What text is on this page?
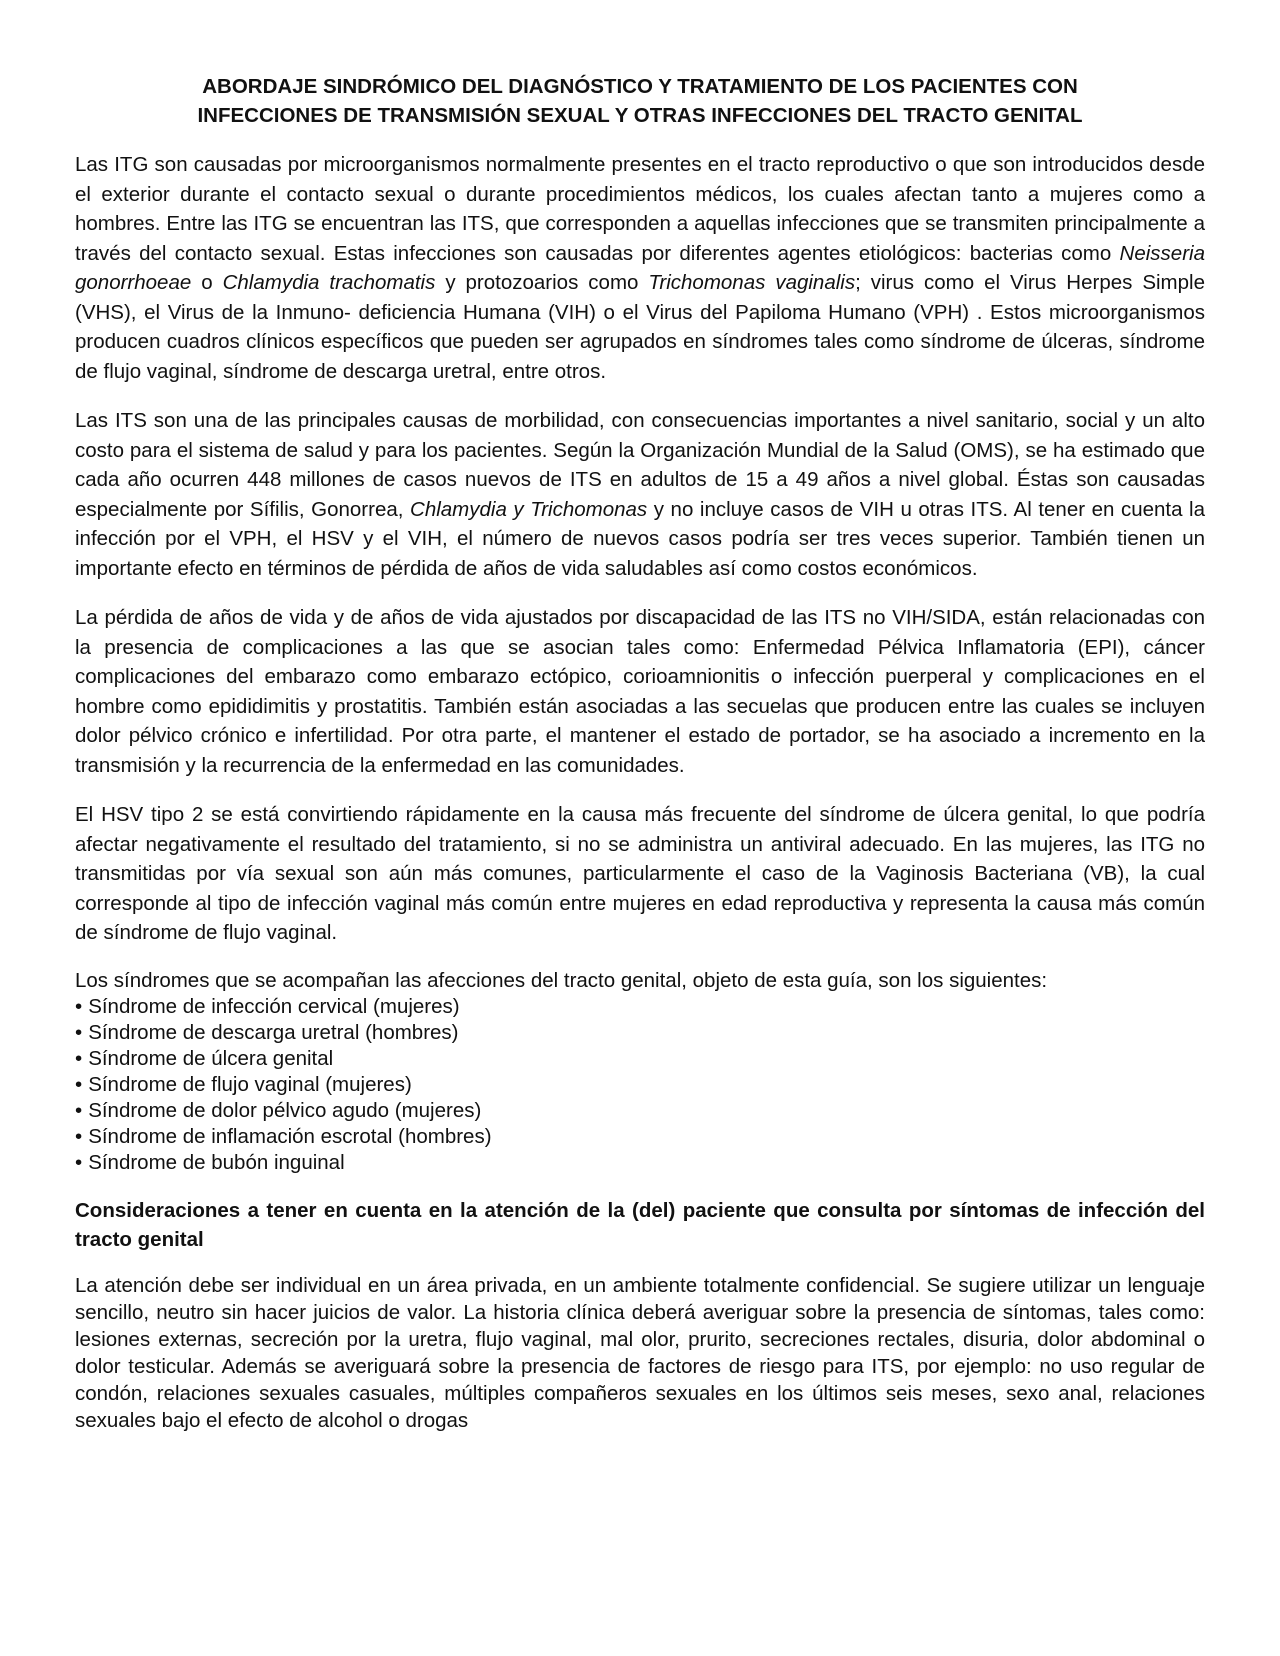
ABORDAJE SINDRÓMICO DEL DIAGNÓSTICO Y TRATAMIENTO DE LOS PACIENTES CON
INFECCIONES DE TRANSMISIÓN SEXUAL Y OTRAS INFECCIONES DEL TRACTO GENITAL

Las ITG son causadas por microorganismos normalmente presentes en el tracto reproductivo o que son introducidos desde el exterior durante el contacto sexual o durante procedimientos médicos, los cuales afectan tanto a mujeres como a hombres. Entre las ITG se encuentran las ITS, que corresponden a aquellas infecciones que se transmiten principalmente a través del contacto sexual. Estas infecciones son causadas por diferentes agentes etiológicos: bacterias como Neisseria gonorrhoeae o Chlamydia trachomatis y protozoarios como Trichomonas vaginalis; virus como el Virus Herpes Simple (VHS), el Virus de la Inmuno- deficiencia Humana (VIH) o el Virus del Papiloma Humano (VPH) . Estos microorganismos producen cuadros clínicos específicos que pueden ser agrupados en síndromes tales como síndrome de úlceras, síndrome de flujo vaginal, síndrome de descarga uretral, entre otros.

Las ITS son una de las principales causas de morbilidad, con consecuencias importantes a nivel sanitario, social y un alto costo para el sistema de salud y para los pacientes. Según la Organización Mundial de la Salud (OMS), se ha estimado que cada año ocurren 448 millones de casos nuevos de ITS en adultos de 15 a 49 años a nivel global. Éstas son causadas especialmente por Sífilis, Gonorrea, Chlamydia y Trichomonas y no incluye casos de VIH u otras ITS. Al tener en cuenta la infección por el VPH, el HSV y el VIH, el número de nuevos casos podría ser tres veces superior. También tienen un importante efecto en términos de pérdida de años de vida saludables así como costos económicos.

La pérdida de años de vida y de años de vida ajustados por discapacidad de las ITS no VIH/SIDA, están relacionadas con la presencia de complicaciones a las que se asocian tales como: Enfermedad Pélvica Inflamatoria (EPI), cáncer complicaciones del embarazo como embarazo ectópico, corioamnionitis o infección puerperal y complicaciones en el hombre como epididimitis y prostatitis. También están asociadas a las secuelas que producen entre las cuales se incluyen dolor pélvico crónico e infertilidad. Por otra parte, el mantener el estado de portador, se ha asociado a incremento en la transmisión y la recurrencia de la enfermedad en las comunidades.

El HSV tipo 2 se está convirtiendo rápidamente en la causa más frecuente del síndrome de úlcera genital, lo que podría afectar negativamente el resultado del tratamiento, si no se administra un antiviral adecuado. En las mujeres, las ITG no transmitidas por vía sexual son aún más comunes, particularmente el caso de la Vaginosis Bacteriana (VB), la cual corresponde al tipo de infección vaginal más común entre mujeres en edad reproductiva y representa la causa más común de síndrome de flujo vaginal.

Los síndromes que se acompañan las afecciones del tracto genital, objeto de esta guía, son los siguientes:

• Síndrome de infección cervical (mujeres)
• Síndrome de descarga uretral (hombres)
• Síndrome de úlcera genital
• Síndrome de flujo vaginal (mujeres)
• Síndrome de dolor pélvico agudo (mujeres)
• Síndrome de inflamación escrotal (hombres)
• Síndrome de bubón inguinal
Consideraciones a tener en cuenta en la atención de la (del) paciente que consulta por síntomas de infección del tracto genital

La atención debe ser individual en un área privada, en un ambiente totalmente confidencial. Se sugiere utilizar un lenguaje sencillo, neutro sin hacer juicios de valor. La historia clínica deberá averiguar sobre la presencia de síntomas, tales como: lesiones externas, secreción por la uretra, flujo vaginal, mal olor, prurito, secreciones rectales, disuria, dolor abdominal o dolor testicular. Además se averiguará sobre la presencia de factores de riesgo para ITS, por ejemplo: no uso regular de condón, relaciones sexuales casuales, múltiples compañeros sexuales en los últimos seis meses, sexo anal, relaciones sexuales bajo el efecto de alcohol o drogas
